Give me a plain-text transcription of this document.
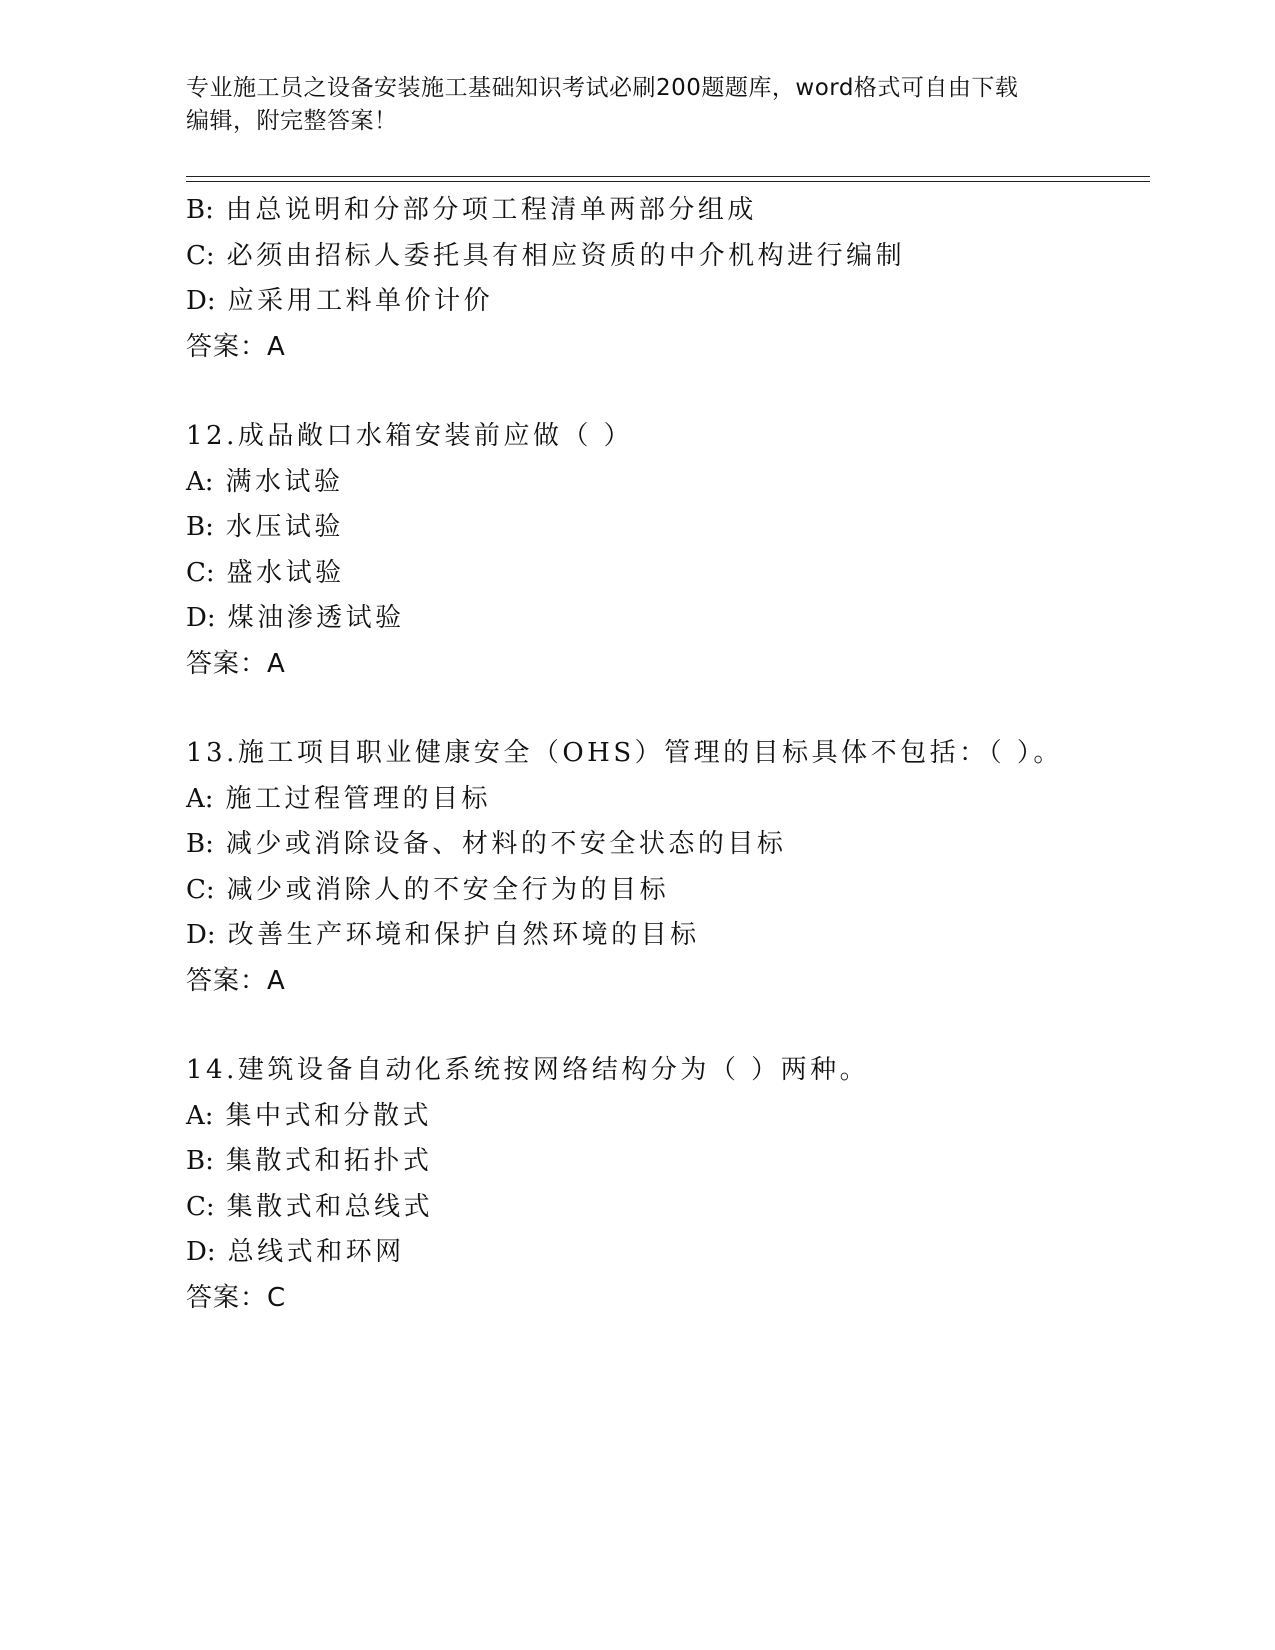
专业施工员之设备安装施工基础知识考试必刷200题题库，word格式可自由下载
编辑，附完整答案！
B: 由总说明和分部分项工程清单两部分组成
C: 必须由招标人委托具有相应资质的中介机构进行编制
D: 应采用工料单价计价
答案：A
12.成品敞口水箱安装前应做（ ）
A: 满水试验
B: 水压试验
C: 盛水试验
D: 煤油渗透试验
答案：A
13.施工项目职业健康安全（OHS）管理的目标具体不包括：（ ）。
A: 施工过程管理的目标
B: 减少或消除设备、材料的不安全状态的目标
C: 减少或消除人的不安全行为的目标
D: 改善生产环境和保护自然环境的目标
答案：A
14.建筑设备自动化系统按网络结构分为（ ）两种。
A: 集中式和分散式
B: 集散式和拓扑式
C: 集散式和总线式
D: 总线式和环网
答案：C
